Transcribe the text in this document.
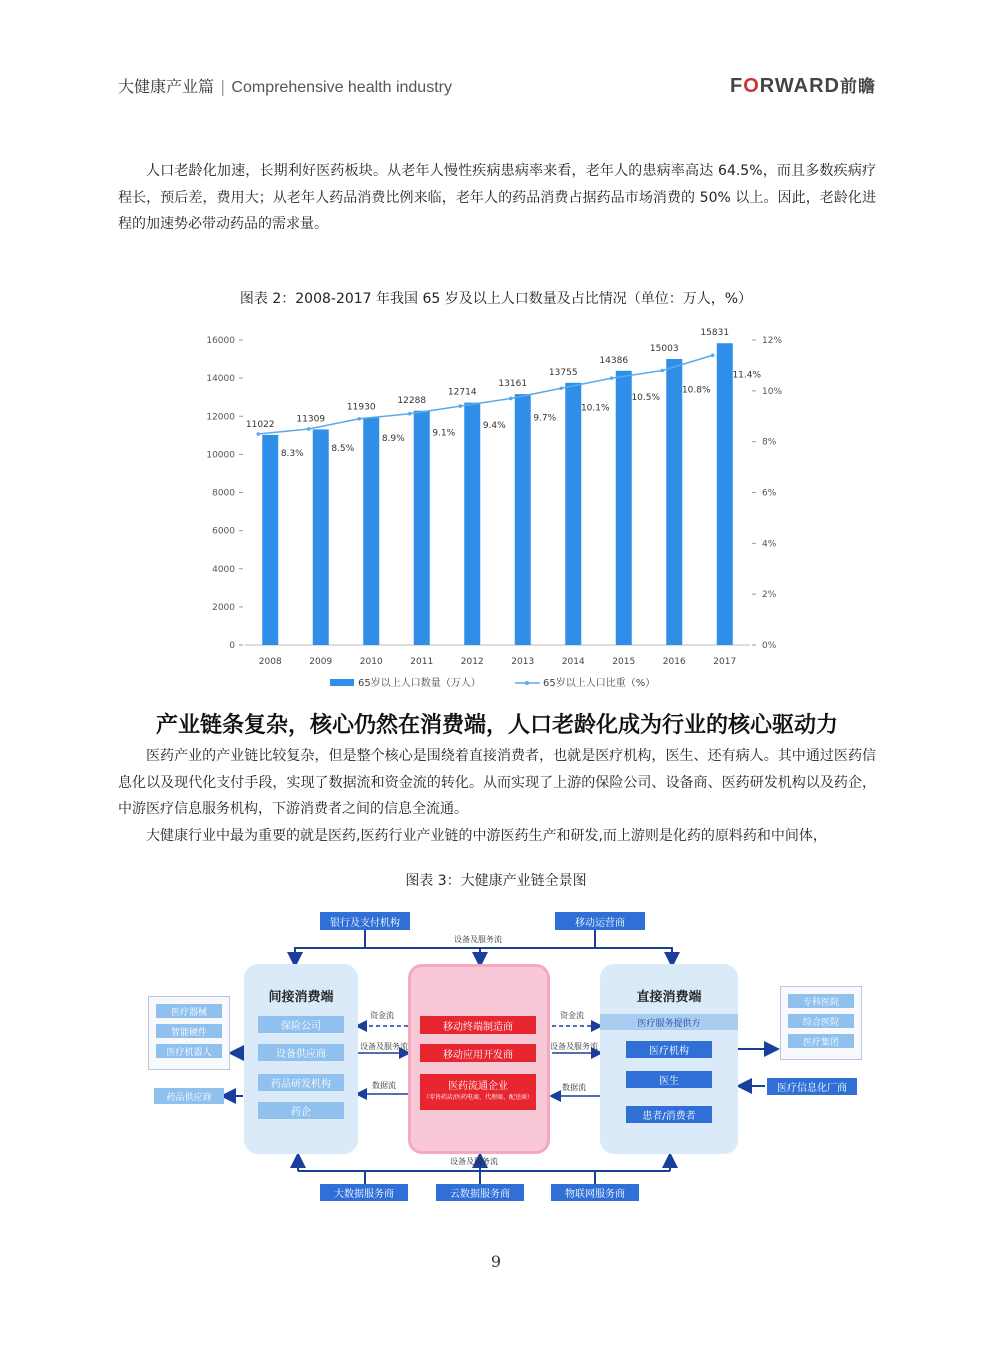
大健康产业篇 | Comprehensive health industry	FORWARD前瞻

人口老龄化加速，长期利好医药板块。从老年人慢性疾病患病率来看，老年人的患病率高达 64.5%，而且多数疾病疗程长，预后差，费用大；从老年人药品消费比例来临，老年人的药品消费占据药品市场消费的 50% 以上。因此，老龄化进程的加速势必带动药品的需求量。

图表 2：2008-2017 年我国 65 岁及以上人口数量及占比情况（单位：万人，%）
0
2000
4000
6000
8000
10000
12000
14000
16000
0%
2%
4%
6%
8%
10%
12%
11022
2008
8.3%
11309
2009
8.5%
11930
2010
8.9%
12288
2011
9.1%
12714
2012
9.4%
13161
2013
9.7%
13755
2014
10.1%
14386
2015
10.5%
15003
2016
10.8%
15831
2017
11.4%
65岁以上人口数量（万人）	65岁以上人口比重（%）
产业链条复杂，核心仍然在消费端，人口老龄化成为行业的核心驱动力

医药产业的产业链比较复杂，但是整个核心是围绕着直接消费者，也就是医疗机构，医生、还有病人。其中通过医药信息化以及现代化支付手段，实现了数据流和资金流的转化。从而实现了上游的保险公司、设备商、医药研发机构以及药企，中游医疗信息服务机构，下游消费者之间的信息全流通。

大健康行业中最为重要的就是医药,医药行业产业链的中游医药生产和研发,而上游则是化药的原料药和中间体，

图表 3：大健康产业链全景图
银行及支付机构	移动运营商
设备及服务流
间接消费端
保险公司
设备供应商
药品研发机构
药企
移动终端制造商
移动应用开发商
医药流通企业
（零售药店/医药电商、代理商、配送商）
资金流
设备及服务流
数据流
资金流
设备及服务流
数据流
直接消费端
医疗服务提供方
医疗机构
医生
患者/消费者
医疗器械
智能硬件
医疗机器人
药品供应商
专科医院
综合医院
医疗集团
医疗信息化厂商
设备及服务流
大数据服务商	云数据服务商	物联网服务商
9
